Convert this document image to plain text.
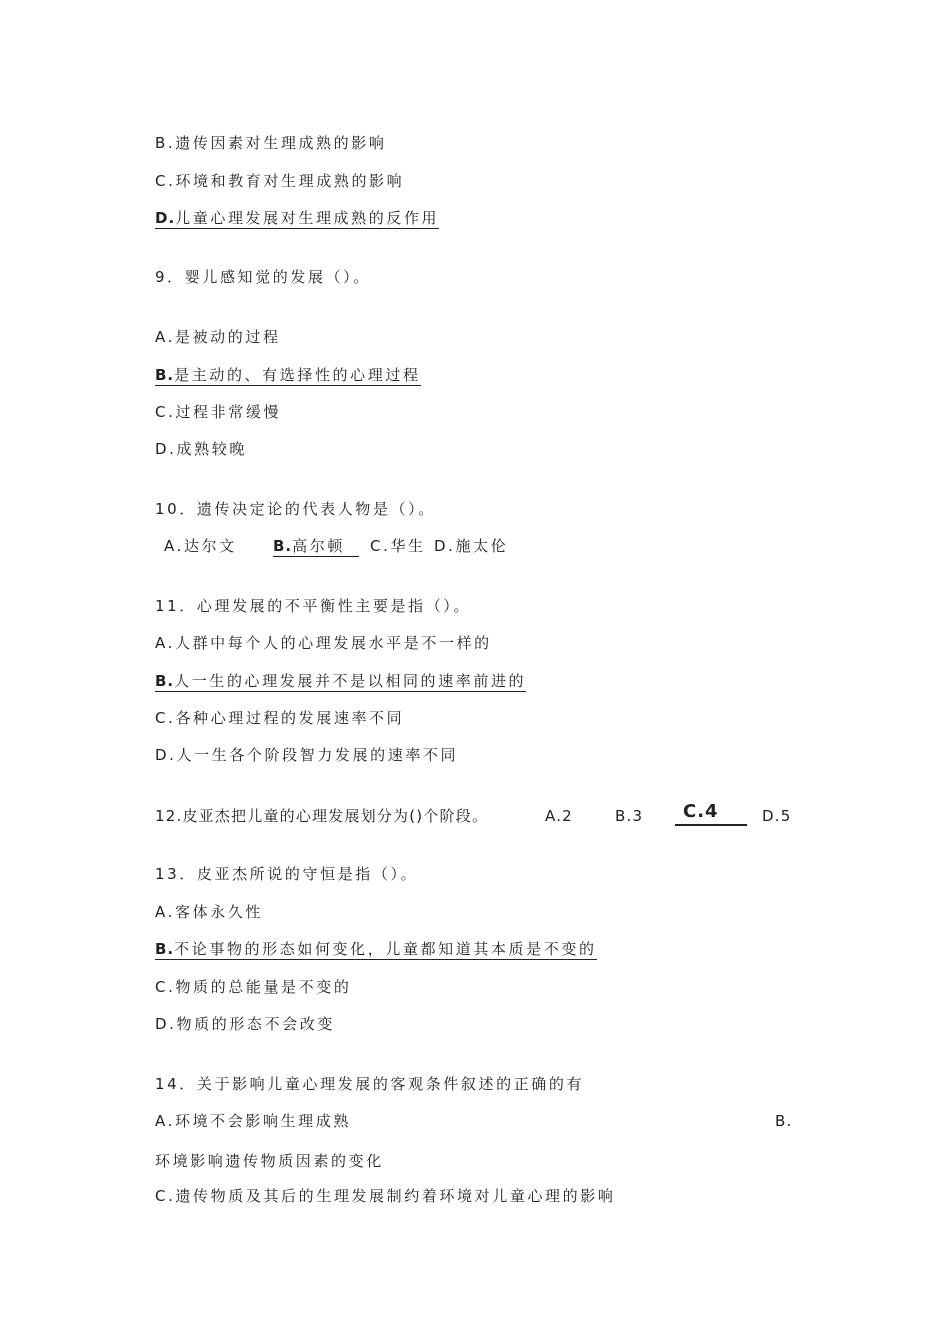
B.遗传因素对生理成熟的影响
C.环境和教育对生理成熟的影响
D.儿童心理发展对生理成熟的反作用
9．婴儿感知觉的发展（）。
A.是被动的过程
B.是主动的、有选择性的心理过程
C.过程非常缓慢
D.成熟较晚
10．遗传决定论的代表人物是（）。
A.达尔文 B.高尔顿	C.华生 D.施太伦
11．心理发展的不平衡性主要是指（）。
A.人群中每个人的心理发展水平是不一样的
B.人一生的心理发展并不是以相同的速率前进的
C.各种心理过程的发展速率不同
D.人一生各个阶段智力发展的速率不同
12.皮亚杰把儿童的心理发展划分为()个阶段。	A.2	B.3	C.4	D.5
13．皮亚杰所说的守恒是指（）。
A.客体永久性
B.不论事物的形态如何变化，儿童都知道其本质是不变的
C.物质的总能量是不变的
D.物质的形态不会改变
14．关于影响儿童心理发展的客观条件叙述的正确的有
A.环境不会影响生理成熟	B.
环境影响遗传物质因素的变化
C.遗传物质及其后的生理发展制约着环境对儿童心理的影响
